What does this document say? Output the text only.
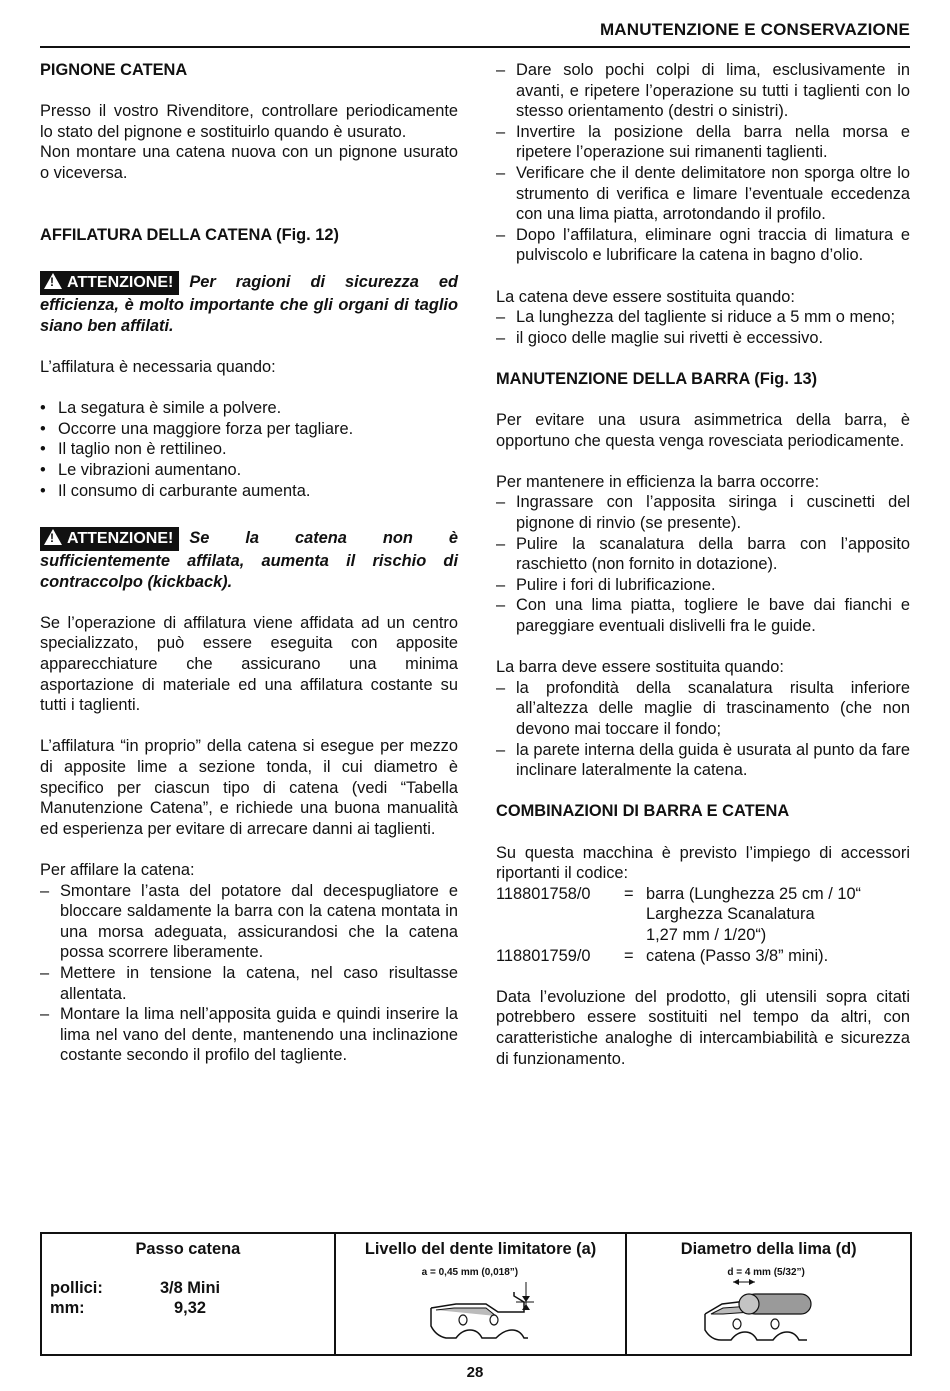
MANUTENZIONE E CONSERVAZIONE

PIGNONE CATENA

Presso il vostro Rivenditore, controllare periodicamente lo stato del pignone e sostituirlo quando è usurato.

Non montare una catena nuova con un pignone usurato o viceversa.

AFFILATURA DELLA CATENA (Fig. 12)

! ATTENZIONE! Per ragioni di sicurezza ed efficienza, è molto importante che gli organi di taglio siano ben affilati.

L’affilatura è necessaria quando:

• La segatura è simile a polvere.
• Occorre una maggiore forza per tagliare.
• Il taglio non è rettilineo.
• Le vibrazioni aumentano.
• Il consumo di carburante aumenta.

! ATTENZIONE! Se la catena non è sufficientemente affilata, aumenta il rischio di contraccolpo (kickback).

Se l’operazione di affilatura viene affidata ad un centro specializzato, può essere eseguita con apposite apparecchiature che assicurano una minima asportazione di materiale ed una affilatura costante su tutti i taglienti.

L’affilatura “in proprio” della catena si esegue per mezzo di apposite lime a sezione tonda, il cui diametro è specifico per ciascun tipo di catena (vedi “Tabella Manutenzione Catena”, e richiede una buona manualità ed esperienza per evitare di arrecare danni ai taglienti.

Per affilare la catena:

– Smontare l’asta del potatore dal decespugliatore e bloccare saldamente la barra con la catena montata in una morsa adeguata, assicurandosi che la catena possa scorrere liberamente.
– Mettere in tensione la catena, nel caso risultasse allentata.
– Montare la lima nell’apposita guida e quindi inserire la lima nel vano del dente, mantenendo una inclinazione costante secondo il profilo del tagliente.
– Dare solo pochi colpi di lima, esclusivamente in avanti, e ripetere l’operazione su tutti i taglienti con lo stesso orientamento (destri o sinistri).
– Invertire la posizione della barra nella morsa e ripetere l’operazione sui rimanenti taglienti.
– Verificare che il dente delimitatore non sporga oltre lo strumento di verifica e limare l’eventuale eccedenza con una lima piatta, arrotondando il profilo.
– Dopo l’affilatura, eliminare ogni traccia di limatura e pulviscolo e lubrificare la catena in bagno d’olio.

La catena deve essere sostituita quando:

– La lunghezza del tagliente si riduce a 5 mm o meno;
– il gioco delle maglie sui rivetti è eccessivo.

MANUTENZIONE DELLA BARRA (Fig. 13)

Per evitare una usura asimmetrica della barra, è opportuno che questa venga rovesciata periodicamente.

Per mantenere in efficienza la barra occorre:

– Ingrassare con l’apposita siringa i cuscinetti del pignone di rinvio (se presente).
– Pulire la scanalatura della barra con l’apposito raschietto (non fornito in dotazione).
– Pulire i fori di lubrificazione.
– Con una lima piatta, togliere le bave dai fianchi e pareggiare eventuali dislivelli fra le guide.

La barra deve essere sostituita quando:

– la profondità della scanalatura risulta inferiore all’altezza delle maglie di trascinamento (che non devono mai toccare il fondo;
– la parete interna della guida è usurata al punto da fare inclinare lateralmente la catena.

COMBINAZIONI DI BARRA E CATENA

Su questa macchina è previsto l’impiego di accessori riportanti il codice:

118801758/0	= barra (Lunghezza 25 cm / 10“
Larghezza Scanalatura
1,27 mm / 1/20“)
118801759/0	= catena (Passo 3/8” mini).

Data l’evoluzione del prodotto, gli utensili sopra citati potrebbero essere sostituiti nel tempo da altri, con caratteristiche analoghe di intercambiabilità e sicurezza di funzionamento.

Passo catena
pollici:	3/8 Mini
mm:	9,32
Livello del dente limitatore (a)
a = 0,45 mm (0,018”)
Diametro della lima (d)
d = 4 mm (5/32”)
28
